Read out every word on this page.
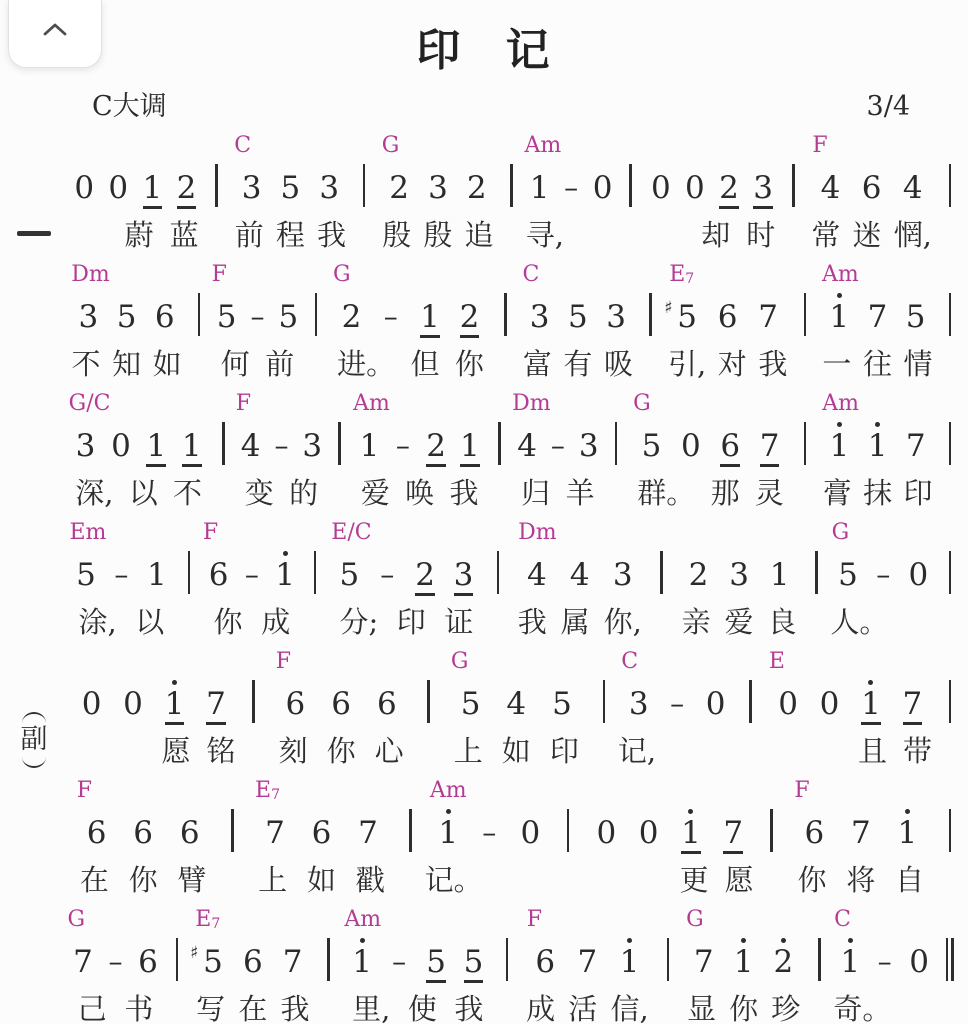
印 记
C大调	3/4
0 0 1 2
蔚 蓝
C
3 5 3
前 程 我
G
2 3 2
殷 殷 追
Am
1 – 0
寻,
0 0 2 3
却 时
F
4 6 4
常 迷 惘,
Dm
3 5 6
不 知 如
F
5 – 5
何 前
G
2 – 1 2
进。 但 你
C
3 5 3
富 有 吸
$E_7$
♯ 5 6 7
引, 对 我
Am
1 7 5
一 往 情
G/C
3 0 1 1
深, 以 不
F
4 – 3
变 的
Am
1 – 2 1
爱 唤 我
Dm
4 – 3
归 羊
G
5 0 6 7
群。 那 灵
Am
1 1 7
膏 抹 印
Em
5 – 1
涂, 以
F
6 – 1
你 成
E/C
5 – 2 3
分; 印 证
Dm
4 4 3
我 属 你,
2 3 1
亲 爱 良
G
5 – 0
人。
副
0 0 1 7
愿 铭
F
6 6 6
刻 你 心
G
5 4 5
上 如 印
C
3 – 0
记,
E
0 0 1 7
且 带
F
6 6 6
在 你 臂
$E_7$
7 6 7
上 如 戳
Am
1 – 0
记。
0 0 1 7
更 愿
F
6 7 1
你 将 自
G
7 – 6
己 书
$E_7$
♯ 5 6 7
写 在 我
Am
1 – 5 5
里, 使 我
F
6 7 1
成 活 信,
G
7 1 2
显 你 珍
C
1 – 0
奇。
